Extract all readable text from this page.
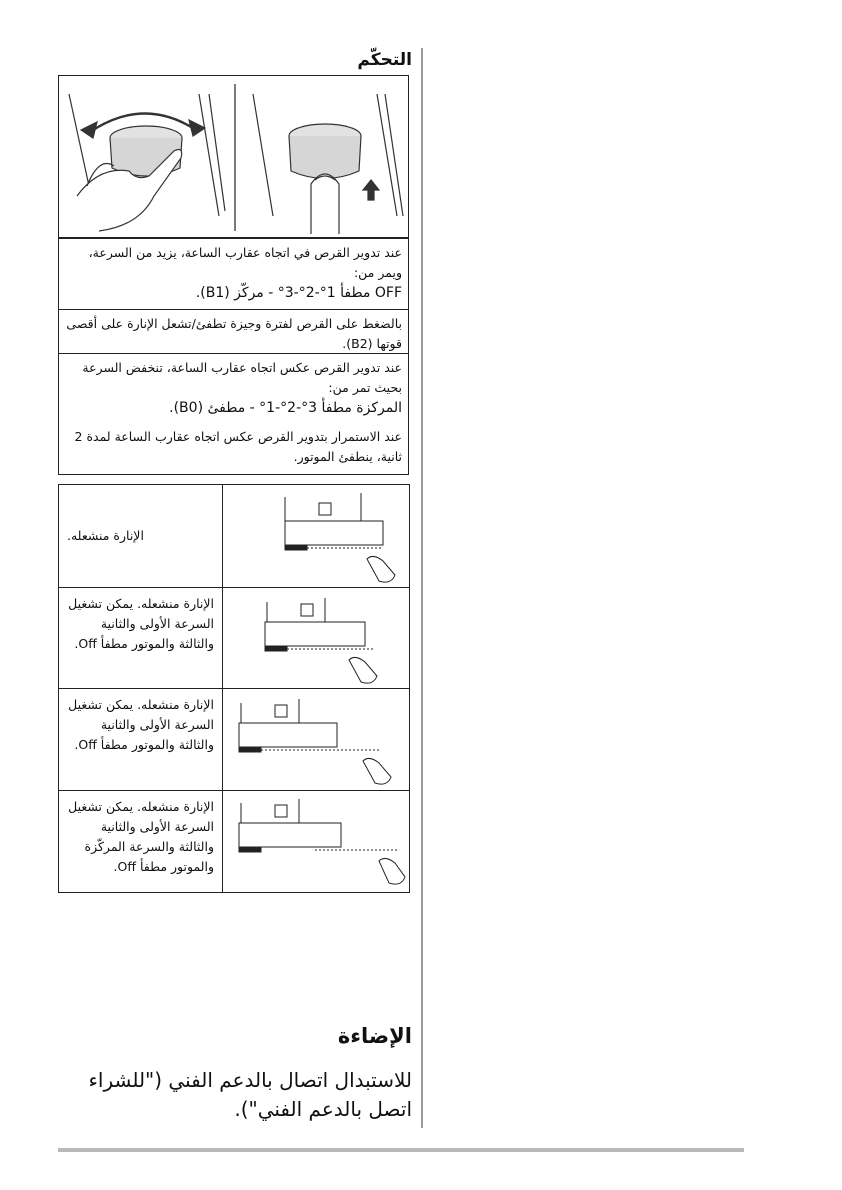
التحكّم
عند تدوير القرص في اتجاه عقارب الساعة، يزيد من السرعة، ويمر من:
OFF مطفأ 1°-2°-3° - مركّز (B1).
بالضغط على القرص لفترة وجيزة تطفئ/تشعل الإنارة على أقصى قوتها (B2).

عند تدوير القرص عكس اتجاه عقارب الساعة، تنخفض السرعة بحيث تمر من:

المركزة مطفأ 3°-2°-1° - مطفئ (B0).

عند الاستمرار بتدوير القرص عكس اتجاه عقارب الساعة لمدة 2 ثانية، ينطفئ الموتور.

الإنارة منشعله.
الإنارة منشعله. يمكن تشغيل السرعة الأولى والثانية والثالثة والموتور مطفأ Off.
الإنارة منشعله. يمكن تشغيل السرعة الأولى والثانية والثالثة والموتور مطفأ Off.
الإنارة منشعله. يمكن تشغيل السرعة الأولى والثانية والثالثة والسرعة المركّزة والموتور مطفأ Off.
الإضاءة
للاستبدال اتصال بالدعم الفني ("للشراء اتصل بالدعم الفني").
